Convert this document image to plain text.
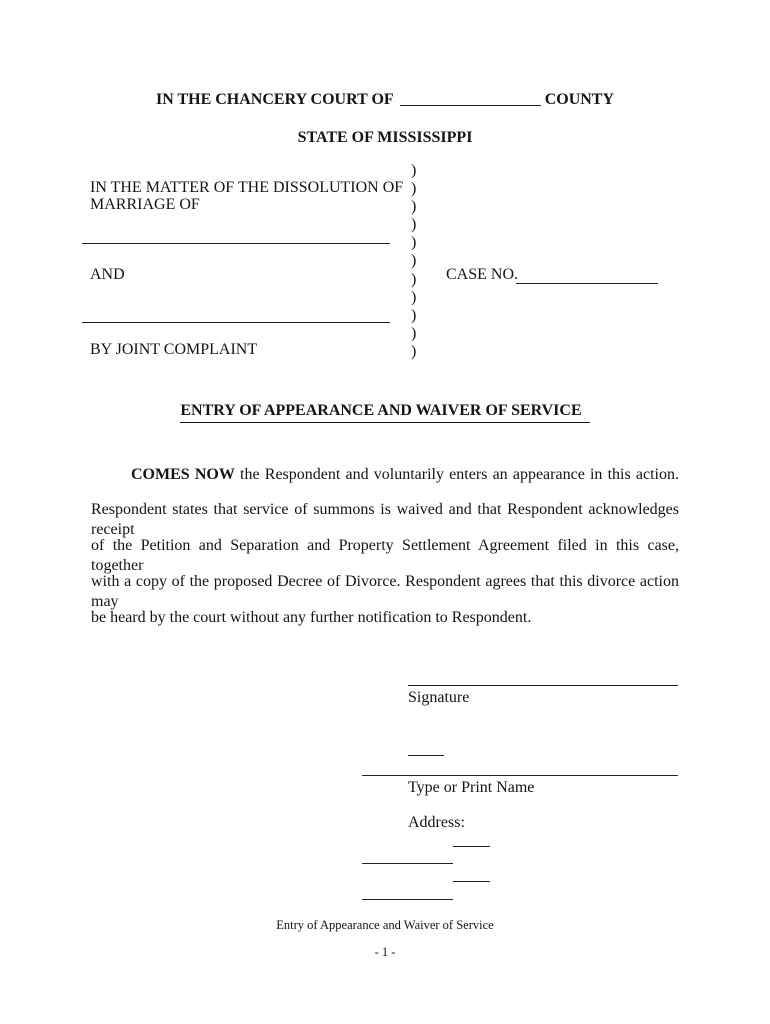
IN THE CHANCERY COURT OF	COUNTY
STATE OF MISSISSIPPI
IN THE MATTER OF THE DISSOLUTION OF
MARRIAGE OF
AND
BY JOINT COMPLAINT
)
)
)
)
)
)
)
)
)
)
)
CASE NO.
ENTRY OF APPEARANCE AND WAIVER OF SERVICE
COMES NOW the Respondent and voluntarily enters an appearance in this action.
Respondent states that service of summons is waived and that Respondent acknowledges receipt
of the Petition and Separation and Property Settlement Agreement filed in this case, together
with a copy of the proposed Decree of Divorce. Respondent agrees that this divorce action may
be heard by the court without any further notification to Respondent.
Signature
Type or Print Name
Address:
Entry of Appearance and Waiver of Service
- 1 -
